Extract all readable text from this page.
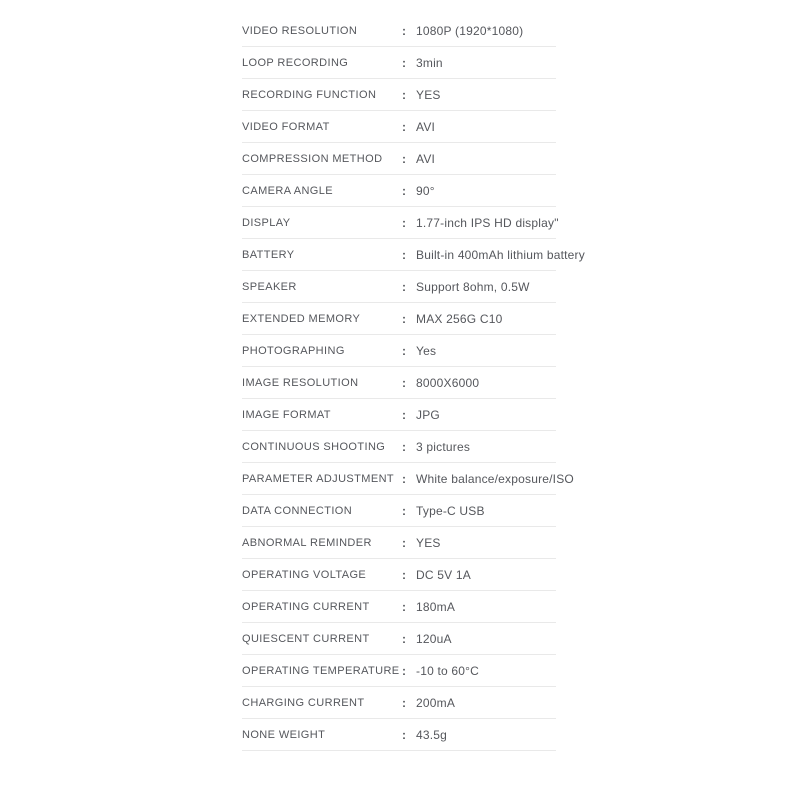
VIDEO RESOLUTION	: 1080P (1920*1080)
LOOP RECORDING	: 3min
RECORDING FUNCTION	: YES
VIDEO FORMAT	: AVI
COMPRESSION METHOD	: AVI
CAMERA ANGLE	: 90°
DISPLAY	: 1.77-inch IPS HD display"
BATTERY	: Built-in 400mAh lithium battery
SPEAKER	: Support 8ohm, 0.5W
EXTENDED MEMORY	: MAX 256G C10
PHOTOGRAPHING	: Yes
IMAGE RESOLUTION	: 8000X6000
IMAGE FORMAT	: JPG
CONTINUOUS SHOOTING	: 3 pictures
PARAMETER ADJUSTMENT : White balance/exposure/ISO
DATA CONNECTION	: Type-C USB
ABNORMAL REMINDER	: YES
OPERATING VOLTAGE	: DC 5V 1A
OPERATING CURRENT	: 180mA
QUIESCENT CURRENT	: 120uA
OPERATING TEMPERATURE : -10 to 60°C
CHARGING CURRENT	: 200mA
NONE WEIGHT	: 43.5g
